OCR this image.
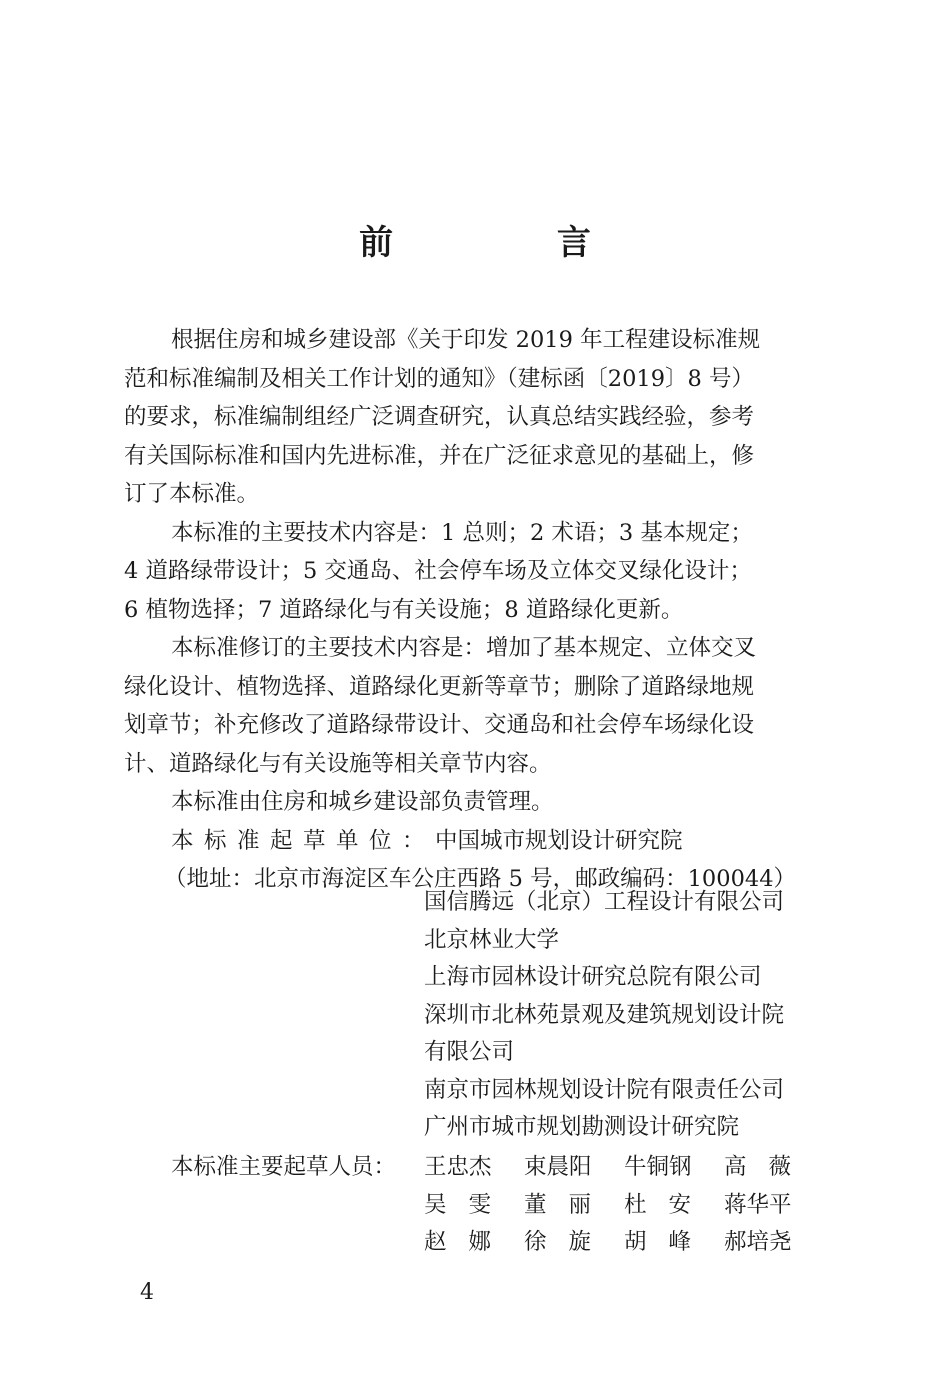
前 言
根据住房和城乡建设部《关于印发 2019 年工程建设标准规
范和标准编制及相关工作计划的通知》（建标函〔2019〕8 号）
的要求，标准编制组经广泛调查研究，认真总结实践经验，参考
有关国际标准和国内先进标准，并在广泛征求意见的基础上，修
订了本标准。
本标准的主要技术内容是：1 总则；2 术语；3 基本规定；
4 道路绿带设计；5 交通岛、社会停车场及立体交叉绿化设计；
6 植物选择；7 道路绿化与有关设施；8 道路绿化更新。
本标准修订的主要技术内容是：增加了基本规定、立体交叉
绿化设计、植物选择、道路绿化更新等章节；删除了道路绿地规
划章节；补充修改了道路绿带设计、交通岛和社会停车场绿化设
计、道路绿化与有关设施等相关章节内容。
本标准由住房和城乡建设部负责管理。
本标准起草单位：中国城市规划设计研究院
（地址：北京市海淀区车公庄西路 5 号，邮政编码：100044）
国信腾远（北京）工程设计有限公司
北京林业大学
上海市园林设计研究总院有限公司
深圳市北林苑景观及建筑规划设计院
有限公司
南京市园林规划设计院有限责任公司
广州市城市规划勘测设计研究院
本标准主要起草人员： 王忠杰	束晨阳	牛铜钢	高薇
吴雯 董丽 杜安 蒋华平
赵娜 徐旋 胡峰 郝培尧
4
